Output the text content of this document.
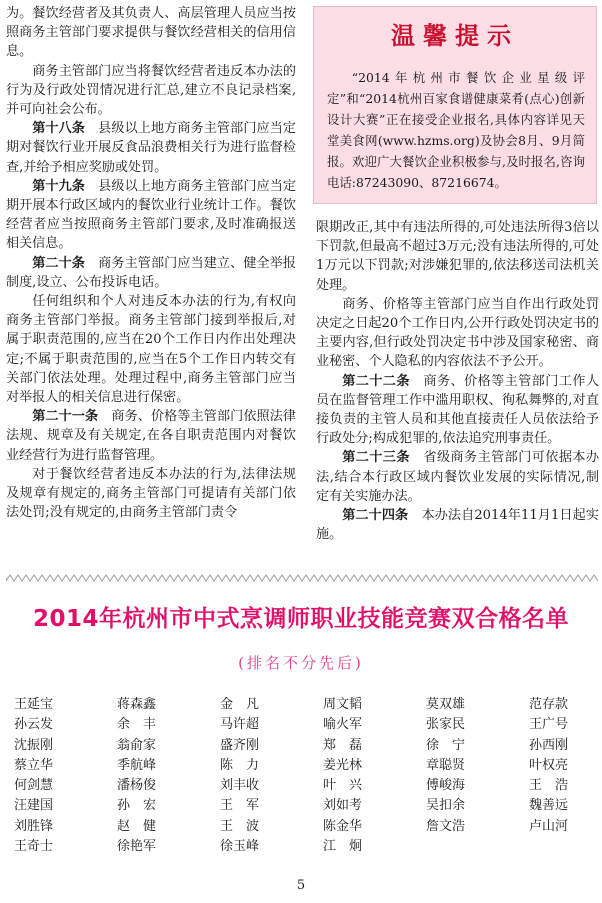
为。餐饮经营者及其负责人、高层管理人员应当按照商务主管部门要求提供与餐饮经营相关的信用信息。

商务主管部门应当将餐饮经营者违反本办法的行为及行政处罚情况进行汇总,建立不良记录档案,并可向社会公布。

第十八条　县级以上地方商务主管部门应当定期对餐饮行业开展反食品浪费相关行为进行监督检查,并给予相应奖励或处罚。

第十九条　县级以上地方商务主管部门应当定期开展本行政区域内的餐饮业行业统计工作。餐饮经营者应当按照商务主管部门要求,及时准确报送相关信息。

第二十条　商务主管部门应当建立、健全举报制度,设立、公布投诉电话。

任何组织和个人对违反本办法的行为,有权向商务主管部门举报。商务主管部门接到举报后,对属于职责范围的,应当在20个工作日内作出处理决定;不属于职责范围的,应当在5个工作日内转交有关部门依法处理。处理过程中,商务主管部门应当对举报人的相关信息进行保密。

第二十一条　商务、价格等主管部门依照法律法规、规章及有关规定,在各自职责范围内对餐饮业经营行为进行监督管理。

对于餐饮经营者违反本办法的行为,法律法规及规章有规定的,商务主管部门可提请有关部门依法处罚;没有规定的,由商务主管部门责令

温馨提示

“2014年杭州市餐饮企业星级评定”和“2014杭州百家食谱健康菜肴(点心)创新设计大赛”正在接受企业报名,具体内容详见天堂美食网(www.hzms.org)及协会8月、9月简报。欢迎广大餐饮企业积极参与,及时报名,咨询电话:87243090、87216674。

限期改正,其中有违法所得的,可处违法所得3倍以下罚款,但最高不超过3万元;没有违法所得的,可处1万元以下罚款;对涉嫌犯罪的,依法移送司法机关处理。

商务、价格等主管部门应当自作出行政处罚决定之日起20个工作日内,公开行政处罚决定书的主要内容,但行政处罚决定书中涉及国家秘密、商业秘密、个人隐私的内容依法不予公开。

第二十二条　商务、价格等主管部门工作人员在监督管理工作中滥用职权、徇私舞弊的,对直接负责的主管人员和其他直接责任人员依法给予行政处分;构成犯罪的,依法追究刑事责任。

第二十三条　省级商务主管部门可依据本办法,结合本行政区域内餐饮业发展的实际情况,制定有关实施办法。

第二十四条　本办法自2014年11月1日起实施。

2014年杭州市中式烹调师职业技能竞赛双合格名单
(排名不分先后)
王延宝	蒋森鑫	金　凡	周文韬	莫双雄	范存款
孙云发	余　丰	马许超	喻火军	张家民	王广号
沈振刚	翁俞家	盛齐刚	郑　磊	徐　宁	孙西刚
蔡立华	季航峰	陈　力	姜光林	章聪贤	叶权亮
何剑慧	潘杨俊	刘丰收	叶　兴	傅峻海	王　浩
汪建国	孙　宏	王　军	刘如考	吴扣余	魏善远
刘胜锋	赵　健	王　波	陈金华	詹文浩	卢山河
王奇士	徐艳军	徐玉峰	江　炯
5
